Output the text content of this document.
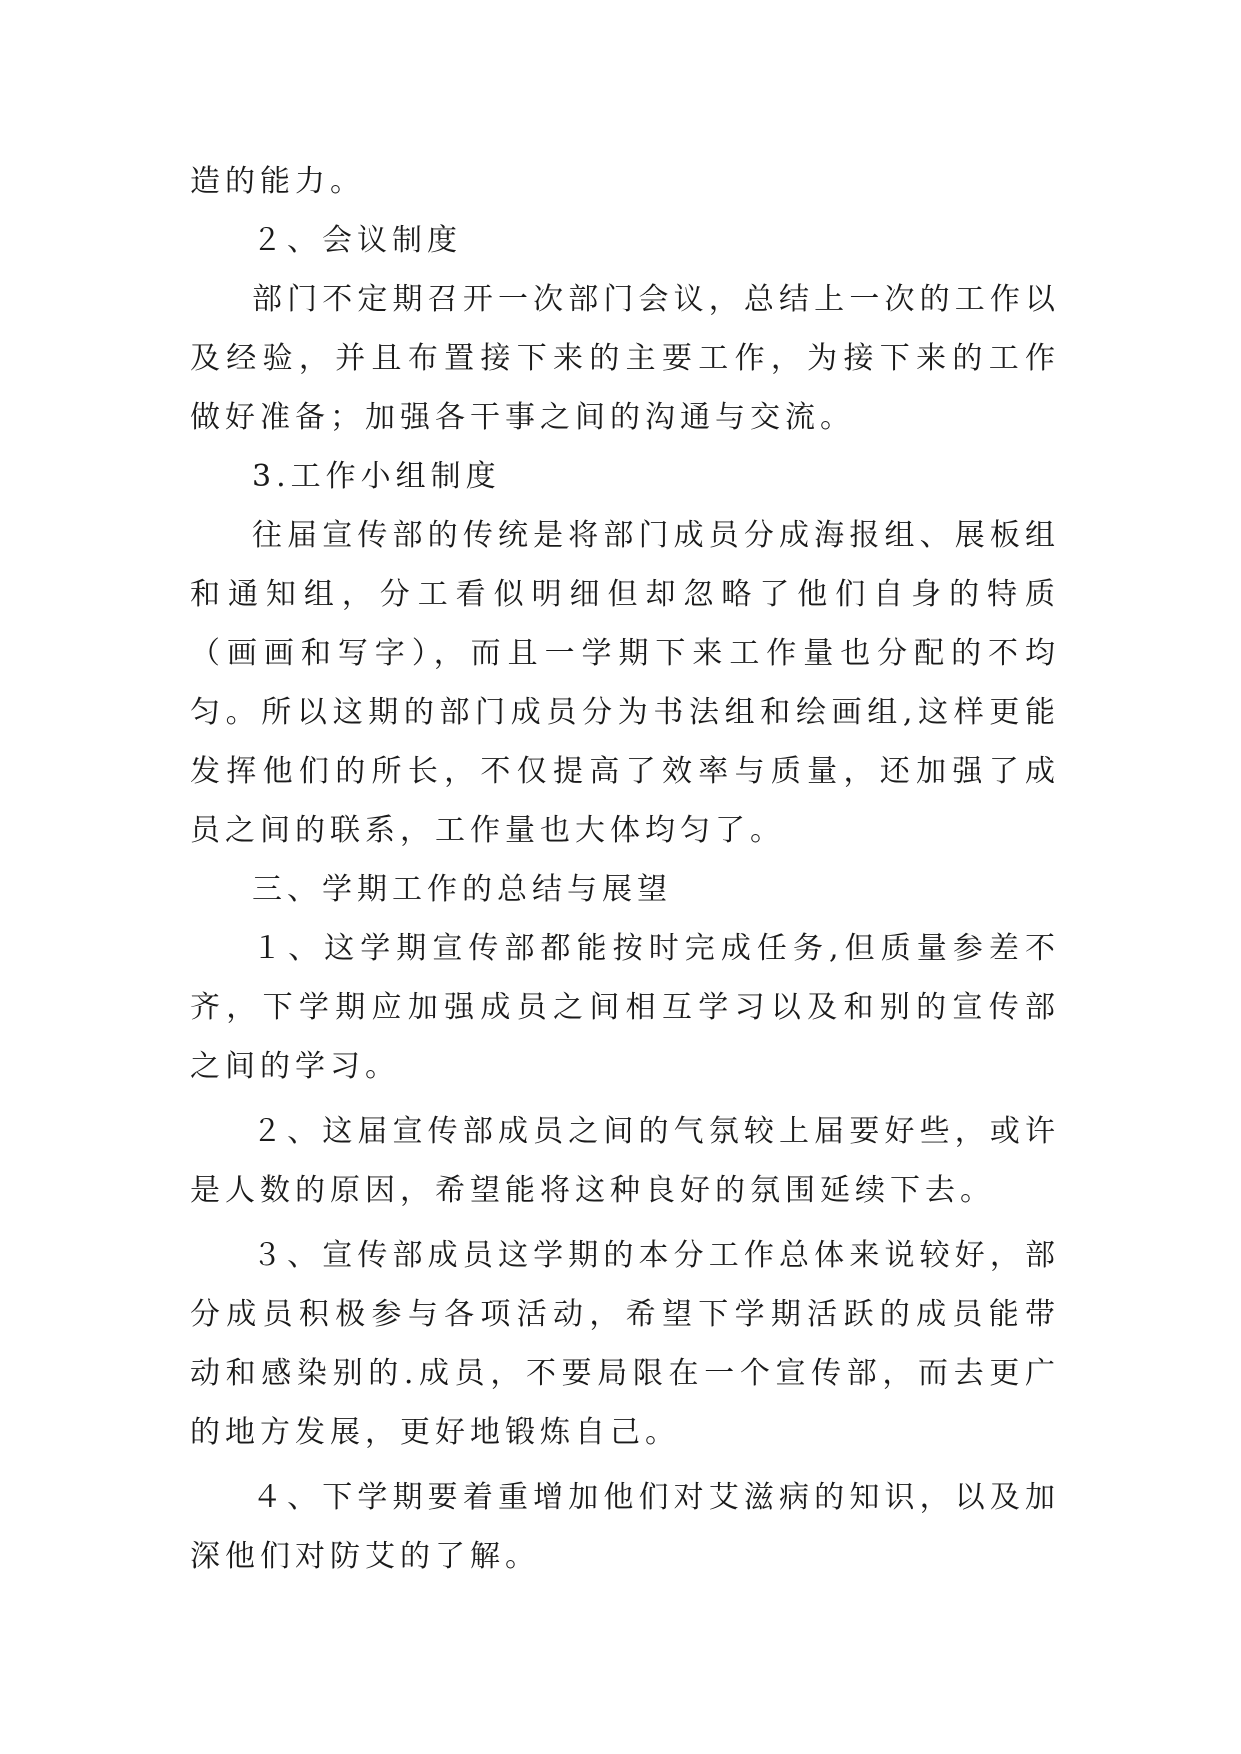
造的能力。

２、会议制度

部门不定期召开一次部门会议，总结上一次的工作以及经验，并且布置接下来的主要工作，为接下来的工作做好准备；加强各干事之间的沟通与交流。

3.工作小组制度

往届宣传部的传统是将部门成员分成海报组、展板组和通知组，分工看似明细但却忽略了他们自身的特质（画画和写字），而且一学期下来工作量也分配的不均匀。所以这期的部门成员分为书法组和绘画组,这样更能发挥他们的所长，不仅提高了效率与质量，还加强了成员之间的联系，工作量也大体均匀了。

三、学期工作的总结与展望

１、这学期宣传部都能按时完成任务,但质量参差不齐，下学期应加强成员之间相互学习以及和别的宣传部之间的学习。

２、这届宣传部成员之间的气氛较上届要好些，或许是人数的原因，希望能将这种良好的氛围延续下去。

３、宣传部成员这学期的本分工作总体来说较好，部分成员积极参与各项活动，希望下学期活跃的成员能带动和感染别的.成员，不要局限在一个宣传部，而去更广的地方发展，更好地锻炼自己。

４、下学期要着重增加他们对艾滋病的知识，以及加深他们对防艾的了解。
